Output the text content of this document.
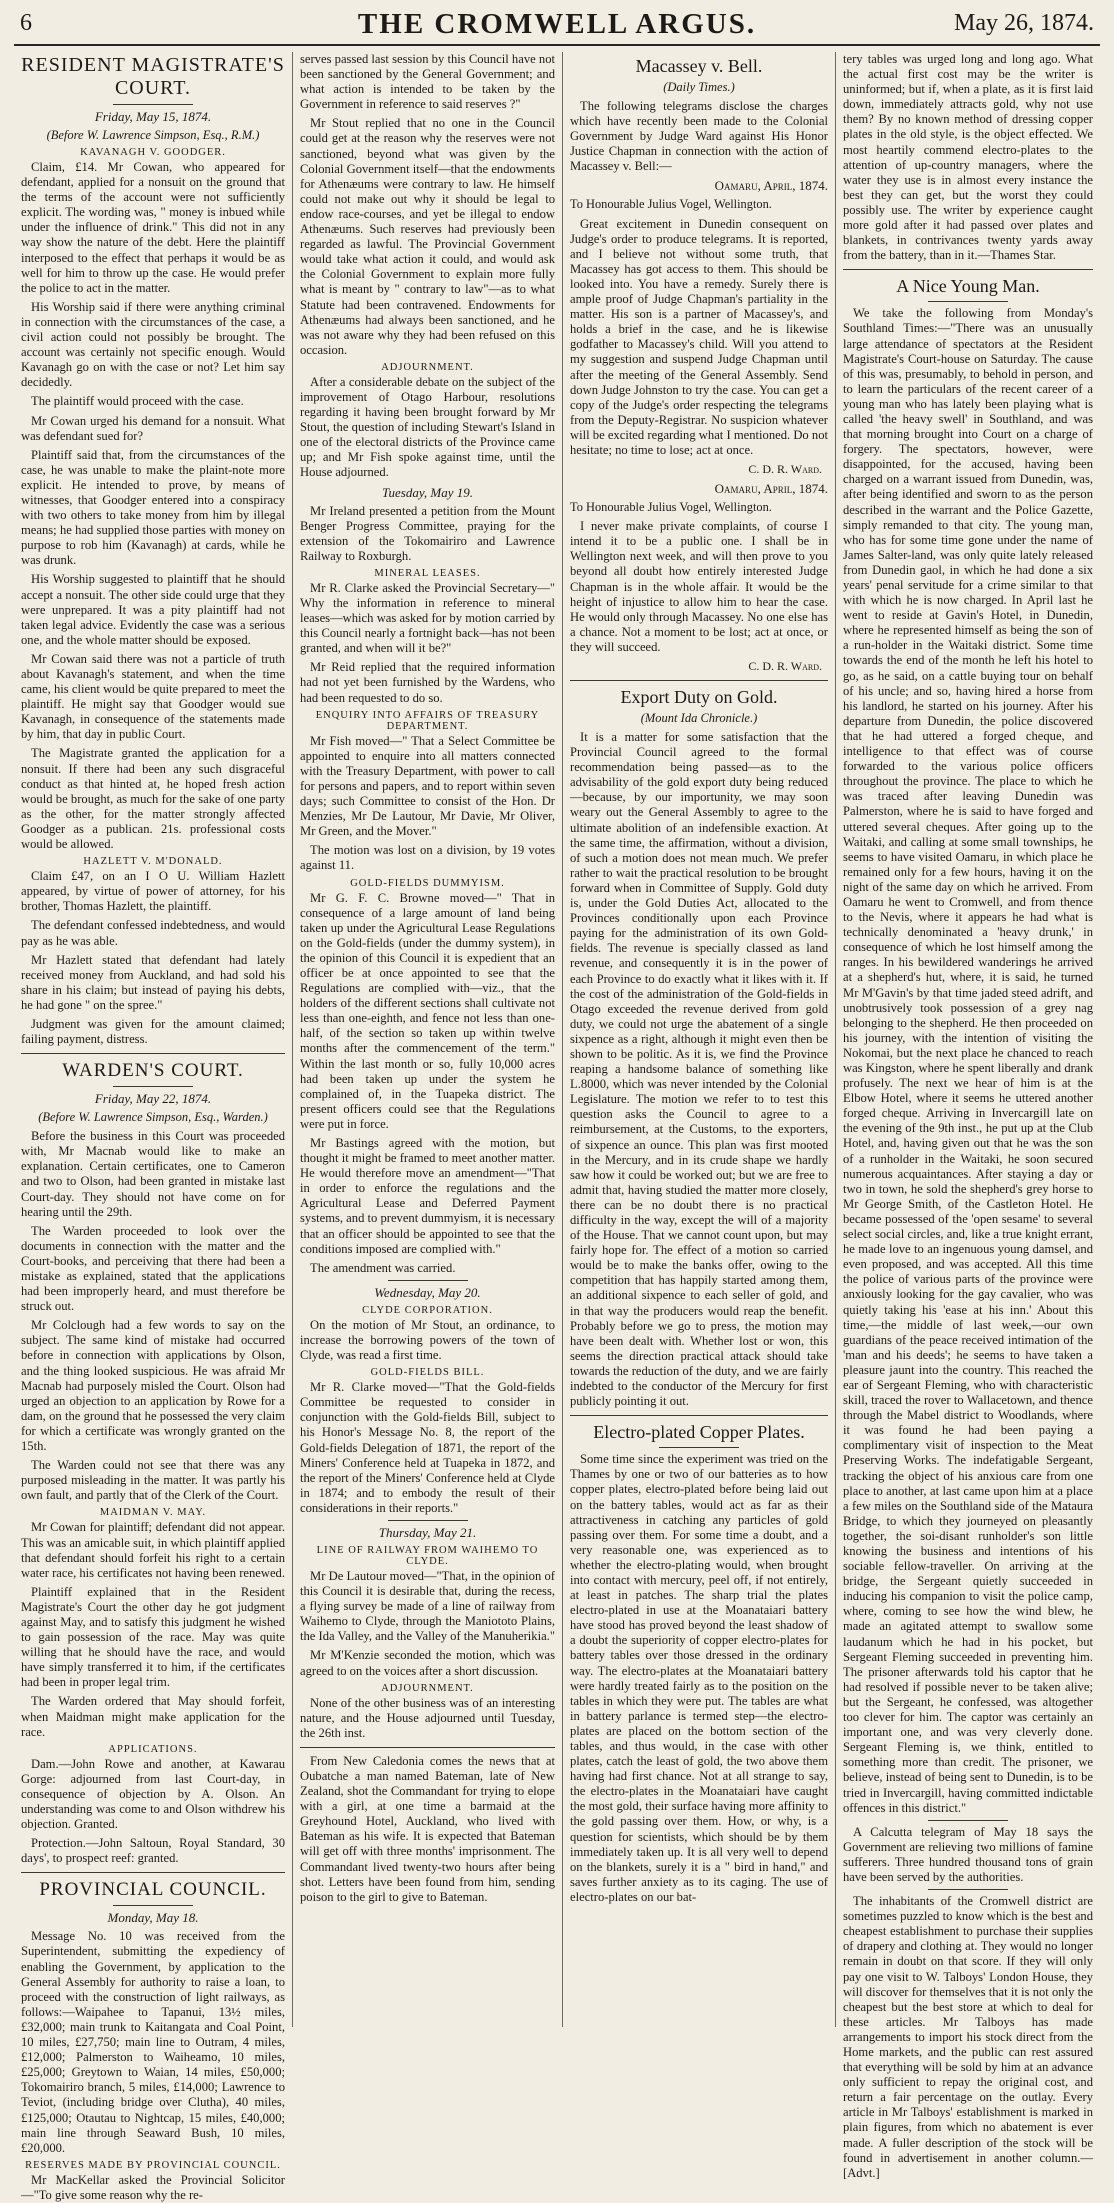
6	THE CROMWELL ARGUS.	May 26, 1874.
RESIDENT MAGISTRATE'S COURT.
Friday, May 15, 1874.
(Before W. Lawrence Simpson, Esq., R.M.)
KAVANAGH V. GOODGER.

Claim, £14. Mr Cowan, who appeared for defendant, applied for a nonsuit on the ground that the terms of the account were not sufficiently explicit. The wording was, " money is inbued while under the influence of drink." This did not in any way show the nature of the debt. Here the plaintiff interposed to the effect that perhaps it would be as well for him to throw up the case. He would prefer the police to act in the matter.

His Worship said if there were anything criminal in connection with the circumstances of the case, a civil action could not possibly be brought. The account was certainly not specific enough. Would Kavanagh go on with the case or not? Let him say decidedly.

The plaintiff would proceed with the case.

Mr Cowan urged his demand for a nonsuit. What was defendant sued for?

Plaintiff said that, from the circumstances of the case, he was unable to make the plaint-note more explicit. He intended to prove, by means of witnesses, that Goodger entered into a conspiracy with two others to take money from him by illegal means; he had supplied those parties with money on purpose to rob him (Kavanagh) at cards, while he was drunk.

His Worship suggested to plaintiff that he should accept a nonsuit. The other side could urge that they were unprepared. It was a pity plaintiff had not taken legal advice. Evidently the case was a serious one, and the whole matter should be exposed.

Mr Cowan said there was not a particle of truth about Kavanagh's statement, and when the time came, his client would be quite prepared to meet the plaintiff. He might say that Goodger would sue Kavanagh, in consequence of the statements made by him, that day in public Court.

The Magistrate granted the application for a nonsuit. If there had been any such disgraceful conduct as that hinted at, he hoped fresh action would be brought, as much for the sake of one party as the other, for the matter strongly affected Goodger as a publican. 21s. professional costs would be allowed.

HAZLETT V. M'DONALD.

Claim £47, on an I O U. William Hazlett appeared, by virtue of power of attorney, for his brother, Thomas Hazlett, the plaintiff.

The defendant confessed indebtedness, and would pay as he was able.

Mr Hazlett stated that defendant had lately received money from Auckland, and had sold his share in his claim; but instead of paying his debts, he had gone " on the spree."

Judgment was given for the amount claimed; failing payment, distress.

WARDEN'S COURT.
Friday, May 22, 1874.
(Before W. Lawrence Simpson, Esq., Warden.)

Before the business in this Court was proceeded with, Mr Macnab would like to make an explanation. Certain certificates, one to Cameron and two to Olson, had been granted in mistake last Court-day. They should not have come on for hearing until the 29th.

The Warden proceeded to look over the documents in connection with the matter and the Court-books, and perceiving that there had been a mistake as explained, stated that the applications had been improperly heard, and must therefore be struck out.

Mr Colclough had a few words to say on the subject. The same kind of mistake had occurred before in connection with applications by Olson, and the thing looked suspicious. He was afraid Mr Macnab had purposely misled the Court. Olson had urged an objection to an application by Rowe for a dam, on the ground that he possessed the very claim for which a certificate was wrongly granted on the 15th.

The Warden could not see that there was any purposed misleading in the matter. It was partly his own fault, and partly that of the Clerk of the Court.

MAIDMAN V. MAY.

Mr Cowan for plaintiff; defendant did not appear. This was an amicable suit, in which plaintiff applied that defendant should forfeit his right to a certain water race, his certificates not having been renewed.

Plaintiff explained that in the Resident Magistrate's Court the other day he got judgment against May, and to satisfy this judgment he wished to gain possession of the race. May was quite willing that he should have the race, and would have simply transferred it to him, if the certificates had been in proper legal trim.

The Warden ordered that May should forfeit, when Maidman might make application for the race.

APPLICATIONS.

Dam.—John Rowe and another, at Kawarau Gorge: adjourned from last Court-day, in consequence of objection by A. Olson. An understanding was come to and Olson withdrew his objection. Granted.

Protection.—John Saltoun, Royal Standard, 30 days', to prospect reef: granted.

PROVINCIAL COUNCIL.
Monday, May 18.

Message No. 10 was received from the Superintendent, submitting the expediency of enabling the Government, by application to the General Assembly for authority to raise a loan, to proceed with the construction of light railways, as follows:—Waipahee to Tapanui, 13½ miles, £32,000; main trunk to Kaitangata and Coal Point, 10 miles, £27,750; main line to Outram, 4 miles, £12,000; Palmerston to Waiheamo, 10 miles, £25,000; Greytown to Waian, 14 miles, £50,000; Tokomairiro branch, 5 miles, £14,000; Lawrence to Teviot, (including bridge over Clutha), 40 miles, £125,000; Otautau to Nightcap, 15 miles, £40,000; main line through Seaward Bush, 10 miles, £20,000.

RESERVES MADE BY PROVINCIAL COUNCIL.

Mr MacKellar asked the Provincial Solicitor—"To give some reason why the re-

serves passed last session by this Council have not been sanctioned by the General Government; and what action is intended to be taken by the Government in reference to said reserves ?"

Mr Stout replied that no one in the Council could get at the reason why the reserves were not sanctioned, beyond what was given by the Colonial Government itself—that the endowments for Athenæums were contrary to law. He himself could not make out why it should be legal to endow race-courses, and yet be illegal to endow Athenæums. Such reserves had previously been regarded as lawful. The Provincial Government would take what action it could, and would ask the Colonial Government to explain more fully what is meant by " contrary to law"—as to what Statute had been contravened. Endowments for Athenæums had always been sanctioned, and he was not aware why they had been refused on this occasion.

ADJOURNMENT.

After a considerable debate on the subject of the improvement of Otago Harbour, resolutions regarding it having been brought forward by Mr Stout, the question of including Stewart's Island in one of the electoral districts of the Province came up; and Mr Fish spoke against time, until the House adjourned.

Tuesday, May 19.

Mr Ireland presented a petition from the Mount Benger Progress Committee, praying for the extension of the Tokomairiro and Lawrence Railway to Roxburgh.

MINERAL LEASES.

Mr R. Clarke asked the Provincial Secretary—" Why the information in reference to mineral leases—which was asked for by motion carried by this Council nearly a fortnight back—has not been granted, and when will it be?"

Mr Reid replied that the required information had not yet been furnished by the Wardens, who had been requested to do so.

ENQUIRY INTO AFFAIRS OF TREASURY DEPARTMENT.

Mr Fish moved—" That a Select Committee be appointed to enquire into all matters connected with the Treasury Department, with power to call for persons and papers, and to report within seven days; such Committee to consist of the Hon. Dr Menzies, Mr De Lautour, Mr Davie, Mr Oliver, Mr Green, and the Mover."

The motion was lost on a division, by 19 votes against 11.

GOLD-FIELDS DUMMYISM.

Mr G. F. C. Browne moved—" That in consequence of a large amount of land being taken up under the Agricultural Lease Regulations on the Gold-fields (under the dummy system), in the opinion of this Council it is expedient that an officer be at once appointed to see that the Regulations are complied with—viz., that the holders of the different sections shall cultivate not less than one-eighth, and fence not less than one-half, of the section so taken up within twelve months after the commencement of the term." Within the last month or so, fully 10,000 acres had been taken up under the system he complained of, in the Tuapeka district. The present officers could see that the Regulations were put in force.

Mr Bastings agreed with the motion, but thought it might be framed to meet another matter. He would therefore move an amendment—"That in order to enforce the regulations and the Agricultural Lease and Deferred Payment systems, and to prevent dummyism, it is necessary that an officer should be appointed to see that the conditions imposed are complied with."

The amendment was carried.

Wednesday, May 20.
CLYDE CORPORATION.

On the motion of Mr Stout, an ordinance, to increase the borrowing powers of the town of Clyde, was read a first time.

GOLD-FIELDS BILL.

Mr R. Clarke moved—"That the Gold-fields Committee be requested to consider in conjunction with the Gold-fields Bill, subject to his Honor's Message No. 8, the report of the Gold-fields Delegation of 1871, the report of the Miners' Conference held at Tuapeka in 1872, and the report of the Miners' Conference held at Clyde in 1874; and to embody the result of their considerations in their reports."

Thursday, May 21.
LINE OF RAILWAY FROM WAIHEMO TO CLYDE.

Mr De Lautour moved—"That, in the opinion of this Council it is desirable that, during the recess, a flying survey be made of a line of railway from Waihemo to Clyde, through the Maniototo Plains, the Ida Valley, and the Valley of the Manuherikia."

Mr M'Kenzie seconded the motion, which was agreed to on the voices after a short discussion.

ADJOURNMENT.

None of the other business was of an interesting nature, and the House adjourned until Tuesday, the 26th inst.

From New Caledonia comes the news that at Oubatche a man named Bateman, late of New Zealand, shot the Commandant for trying to elope with a girl, at one time a barmaid at the Greyhound Hotel, Auckland, who lived with Bateman as his wife. It is expected that Bateman will get off with three months' imprisonment. The Commandant lived twenty-two hours after being shot. Letters have been found from him, sending poison to the girl to give to Bateman.

Macassey v. Bell.
(Daily Times.)

The following telegrams disclose the charges which have recently been made to the Colonial Government by Judge Ward against His Honor Justice Chapman in connection with the action of Macassey v. Bell:—

Oamaru, April, 1874.

To Honourable Julius Vogel, Wellington.

Great excitement in Dunedin consequent on Judge's order to produce telegrams. It is reported, and I believe not without some truth, that Macassey has got access to them. This should be looked into. You have a remedy. Surely there is ample proof of Judge Chapman's partiality in the matter. His son is a partner of Macassey's, and holds a brief in the case, and he is likewise godfather to Macassey's child. Will you attend to my suggestion and suspend Judge Chapman until after the meeting of the General Assembly. Send down Judge Johnston to try the case. You can get a copy of the Judge's order respecting the telegrams from the Deputy-Registrar. No suspicion whatever will be excited regarding what I mentioned. Do not hesitate; no time to lose; act at once.

C. D. R. Ward.
Oamaru, April, 1874.

To Honourable Julius Vogel, Wellington.

I never make private complaints, of course I intend it to be a public one. I shall be in Wellington next week, and will then prove to you beyond all doubt how entirely interested Judge Chapman is in the whole affair. It would be the height of injustice to allow him to hear the case. He would only through Macassey. No one else has a chance. Not a moment to be lost; act at once, or they will succeed.

C. D. R. Ward.
Export Duty on Gold.
(Mount Ida Chronicle.)

It is a matter for some satisfaction that the Provincial Council agreed to the formal recommendation being passed—as to the advisability of the gold export duty being reduced—because, by our importunity, we may soon weary out the General Assembly to agree to the ultimate abolition of an indefensible exaction. At the same time, the affirmation, without a division, of such a motion does not mean much. We prefer rather to wait the practical resolution to be brought forward when in Committee of Supply. Gold duty is, under the Gold Duties Act, allocated to the Provinces conditionally upon each Province paying for the administration of its own Gold-fields. The revenue is specially classed as land revenue, and consequently it is in the power of each Province to do exactly what it likes with it. If the cost of the administration of the Gold-fields in Otago exceeded the revenue derived from gold duty, we could not urge the abatement of a single sixpence as a right, although it might even then be shown to be politic. As it is, we find the Province reaping a handsome balance of something like L.8000, which was never intended by the Colonial Legislature. The motion we refer to to test this question asks the Council to agree to a reimbursement, at the Customs, to the exporters, of sixpence an ounce. This plan was first mooted in the Mercury, and in its crude shape we hardly saw how it could be worked out; but we are free to admit that, having studied the matter more closely, there can be no doubt there is no practical difficulty in the way, except the will of a majority of the House. That we cannot count upon, but may fairly hope for. The effect of a motion so carried would be to make the banks offer, owing to the competition that has happily started among them, an additional sixpence to each seller of gold, and in that way the producers would reap the benefit. Probably before we go to press, the motion may have been dealt with. Whether lost or won, this seems the direction practical attack should take towards the reduction of the duty, and we are fairly indebted to the conductor of the Mercury for first publicly pointing it out.

Electro-plated Copper Plates.

Some time since the experiment was tried on the Thames by one or two of our batteries as to how copper plates, electro-plated before being laid out on the battery tables, would act as far as their attractiveness in catching any particles of gold passing over them. For some time a doubt, and a very reasonable one, was experienced as to whether the electro-plating would, when brought into contact with mercury, peel off, if not entirely, at least in patches. The sharp trial the plates electro-plated in use at the Moanataiari battery have stood has proved beyond the least shadow of a doubt the superiority of copper electro-plates for battery tables over those dressed in the ordinary way. The electro-plates at the Moanataiari battery were hardly treated fairly as to the position on the tables in which they were put. The tables are what in battery parlance is termed step—the electro-plates are placed on the bottom section of the tables, and thus would, in the case with other plates, catch the least of gold, the two above them having had first chance. Not at all strange to say, the electro-plates in the Moanataiari have caught the most gold, their surface having more affinity to the gold passing over them. How, or why, is a question for scientists, which should be by them immediately taken up. It is all very well to depend on the blankets, surely it is a " bird in hand," and saves further anxiety as to its caging. The use of electro-plates on our bat-

tery tables was urged long and long ago. What the actual first cost may be the writer is uninformed; but if, when a plate, as it is first laid down, immediately attracts gold, why not use them? By no known method of dressing copper plates in the old style, is the object effected. We most heartily commend electro-plates to the attention of up-country managers, where the water they use is in almost every instance the best they can get, but the worst they could possibly use. The writer by experience caught more gold after it had passed over plates and blankets, in contrivances twenty yards away from the battery, than in it.—Thames Star.

A Nice Young Man.

We take the following from Monday's Southland Times:—"There was an unusually large attendance of spectators at the Resident Magistrate's Court-house on Saturday. The cause of this was, presumably, to behold in person, and to learn the particulars of the recent career of a young man who has lately been playing what is called 'the heavy swell' in Southland, and was that morning brought into Court on a charge of forgery. The spectators, however, were disappointed, for the accused, having been charged on a warrant issued from Dunedin, was, after being identified and sworn to as the person described in the warrant and the Police Gazette, simply remanded to that city. The young man, who has for some time gone under the name of James Salter-land, was only quite lately released from Dunedin gaol, in which he had done a six years' penal servitude for a crime similar to that with which he is now charged. In April last he went to reside at Gavin's Hotel, in Dunedin, where he represented himself as being the son of a run-holder in the Waitaki district. Some time towards the end of the month he left his hotel to go, as he said, on a cattle buying tour on behalf of his uncle; and so, having hired a horse from his landlord, he started on his journey. After his departure from Dunedin, the police discovered that he had uttered a forged cheque, and intelligence to that effect was of course forwarded to the various police officers throughout the province. The place to which he was traced after leaving Dunedin was Palmerston, where he is said to have forged and uttered several cheques. After going up to the Waitaki, and calling at some small townships, he seems to have visited Oamaru, in which place he remained only for a few hours, having it on the night of the same day on which he arrived. From Oamaru he went to Cromwell, and from thence to the Nevis, where it appears he had what is technically denominated a 'heavy drunk,' in consequence of which he lost himself among the ranges. In his bewildered wanderings he arrived at a shepherd's hut, where, it is said, he turned Mr M'Gavin's by that time jaded steed adrift, and unobtrusively took possession of a grey nag belonging to the shepherd. He then proceeded on his journey, with the intention of visiting the Nokomai, but the next place he chanced to reach was Kingston, where he spent liberally and drank profusely. The next we hear of him is at the Elbow Hotel, where it seems he uttered another forged cheque. Arriving in Invercargill late on the evening of the 9th inst., he put up at the Club Hotel, and, having given out that he was the son of a runholder in the Waitaki, he soon secured numerous acquaintances. After staying a day or two in town, he sold the shepherd's grey horse to Mr George Smith, of the Castleton Hotel. He became possessed of the 'open sesame' to several select social circles, and, like a true knight errant, he made love to an ingenuous young damsel, and even proposed, and was accepted. All this time the police of various parts of the province were anxiously looking for the gay cavalier, who was quietly taking his 'ease at his inn.' About this time,—the middle of last week,—our own guardians of the peace received intimation of the 'man and his deeds'; he seems to have taken a pleasure jaunt into the country. This reached the ear of Sergeant Fleming, who with characteristic skill, traced the rover to Wallacetown, and thence through the Mabel district to Woodlands, where it was found he had been paying a complimentary visit of inspection to the Meat Preserving Works. The indefatigable Sergeant, tracking the object of his anxious care from one place to another, at last came upon him at a place a few miles on the Southland side of the Mataura Bridge, to which they journeyed on pleasantly together, the soi-disant runholder's son little knowing the business and intentions of his sociable fellow-traveller. On arriving at the bridge, the Sergeant quietly succeeded in inducing his companion to visit the police camp, where, coming to see how the wind blew, he made an agitated attempt to swallow some laudanum which he had in his pocket, but Sergeant Fleming succeeded in preventing him. The prisoner afterwards told his captor that he had resolved if possible never to be taken alive; but the Sergeant, he confessed, was altogether too clever for him. The captor was certainly an important one, and was very cleverly done. Sergeant Fleming is, we think, entitled to something more than credit. The prisoner, we believe, instead of being sent to Dunedin, is to be tried in Invercargill, having committed indictable offences in this district."

A Calcutta telegram of May 18 says the Government are relieving two millions of famine sufferers. Three hundred thousand tons of grain have been served by the authorities.

The inhabitants of the Cromwell district are sometimes puzzled to know which is the best and cheapest establishment to purchase their supplies of drapery and clothing at. They would no longer remain in doubt on that score. If they will only pay one visit to W. Talboys' London House, they will discover for themselves that it is not only the cheapest but the best store at which to deal for these articles. Mr Talboys has made arrangements to import his stock direct from the Home markets, and the public can rest assured that everything will be sold by him at an advance only sufficient to repay the original cost, and return a fair percentage on the outlay. Every article in Mr Talboys' establishment is marked in plain figures, from which no abatement is ever made. A fuller description of the stock will be found in advertisement in another column.—[Advt.]
